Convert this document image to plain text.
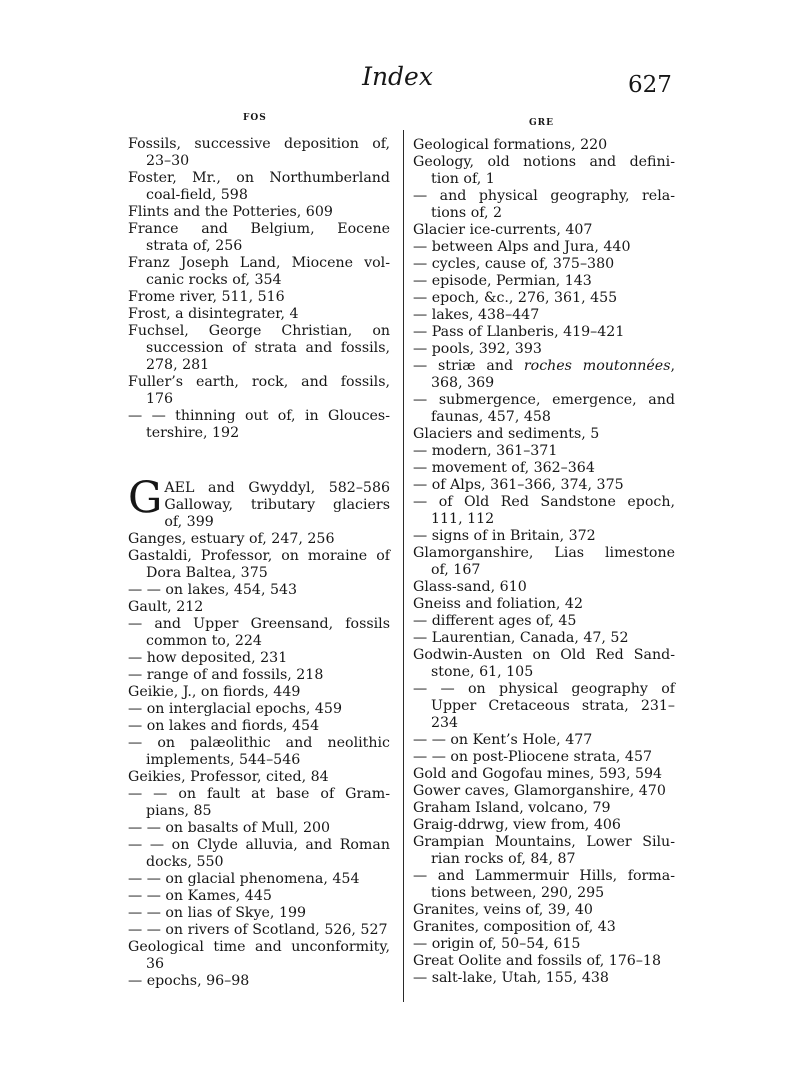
Index	627
FOS	GRE
Fossils, successive deposition of,
23–30
Foster, Mr., on Northumberland
coal-field, 598
Flints and the Potteries, 609
France and Belgium, Eocene
strata of, 256
Franz Joseph Land, Miocene vol-
canic rocks of, 354
Frome river, 511, 516
Frost, a disintegrater, 4
Fuchsel, George Christian, on
succession of strata and fossils,
278, 281
Fuller’s earth, rock, and fossils,
176
— — thinning out of, in Glouces-
tershire, 192
G AEL and Gwyddyl, 582–586
Galloway, tributary glaciers
of, 399
Ganges, estuary of, 247, 256
Gastaldi, Professor, on moraine of
Dora Baltea, 375
— — on lakes, 454, 543
Gault, 212
— and Upper Greensand, fossils
common to, 224
— how deposited, 231
— range of and fossils, 218
Geikie, J., on fiords, 449
— on interglacial epochs, 459
— on lakes and fiords, 454
— on palæolithic and neolithic
implements, 544–546
Geikies, Professor, cited, 84
— — on fault at base of Gram-
pians, 85
— — on basalts of Mull, 200
— — on Clyde alluvia, and Roman
docks, 550
— — on glacial phenomena, 454
— — on Kames, 445
— — on lias of Skye, 199
— — on rivers of Scotland, 526, 527
Geological time and unconformity,
36
— epochs, 96–98
Geological formations, 220
Geology, old notions and defini-
tion of, 1
— and physical geography, rela-
tions of, 2
Glacier ice-currents, 407
— between Alps and Jura, 440
— cycles, cause of, 375–380
— episode, Permian, 143
— epoch, &c., 276, 361, 455
— lakes, 438–447
— Pass of Llanberis, 419–421
— pools, 392, 393
— striæ and roches moutonnées,
368, 369
— submergence, emergence, and
faunas, 457, 458
Glaciers and sediments, 5
— modern, 361–371
— movement of, 362–364
— of Alps, 361–366, 374, 375
— of Old Red Sandstone epoch,
111, 112
— signs of in Britain, 372
Glamorganshire, Lias limestone
of, 167
Glass-sand, 610
Gneiss and foliation, 42
— different ages of, 45
— Laurentian, Canada, 47, 52
Godwin-Austen on Old Red Sand-
stone, 61, 105
— — on physical geography of
Upper Cretaceous strata, 231–
234
— — on Kent’s Hole, 477
— — on post-Pliocene strata, 457
Gold and Gogofau mines, 593, 594
Gower caves, Glamorganshire, 470
Graham Island, volcano, 79
Graig-ddrwg, view from, 406
Grampian Mountains, Lower Silu-
rian rocks of, 84, 87
— and Lammermuir Hills, forma-
tions between, 290, 295
Granites, veins of, 39, 40
Granites, composition of, 43
— origin of, 50–54, 615
Great Oolite and fossils of, 176–18
— salt-lake, Utah, 155, 438
